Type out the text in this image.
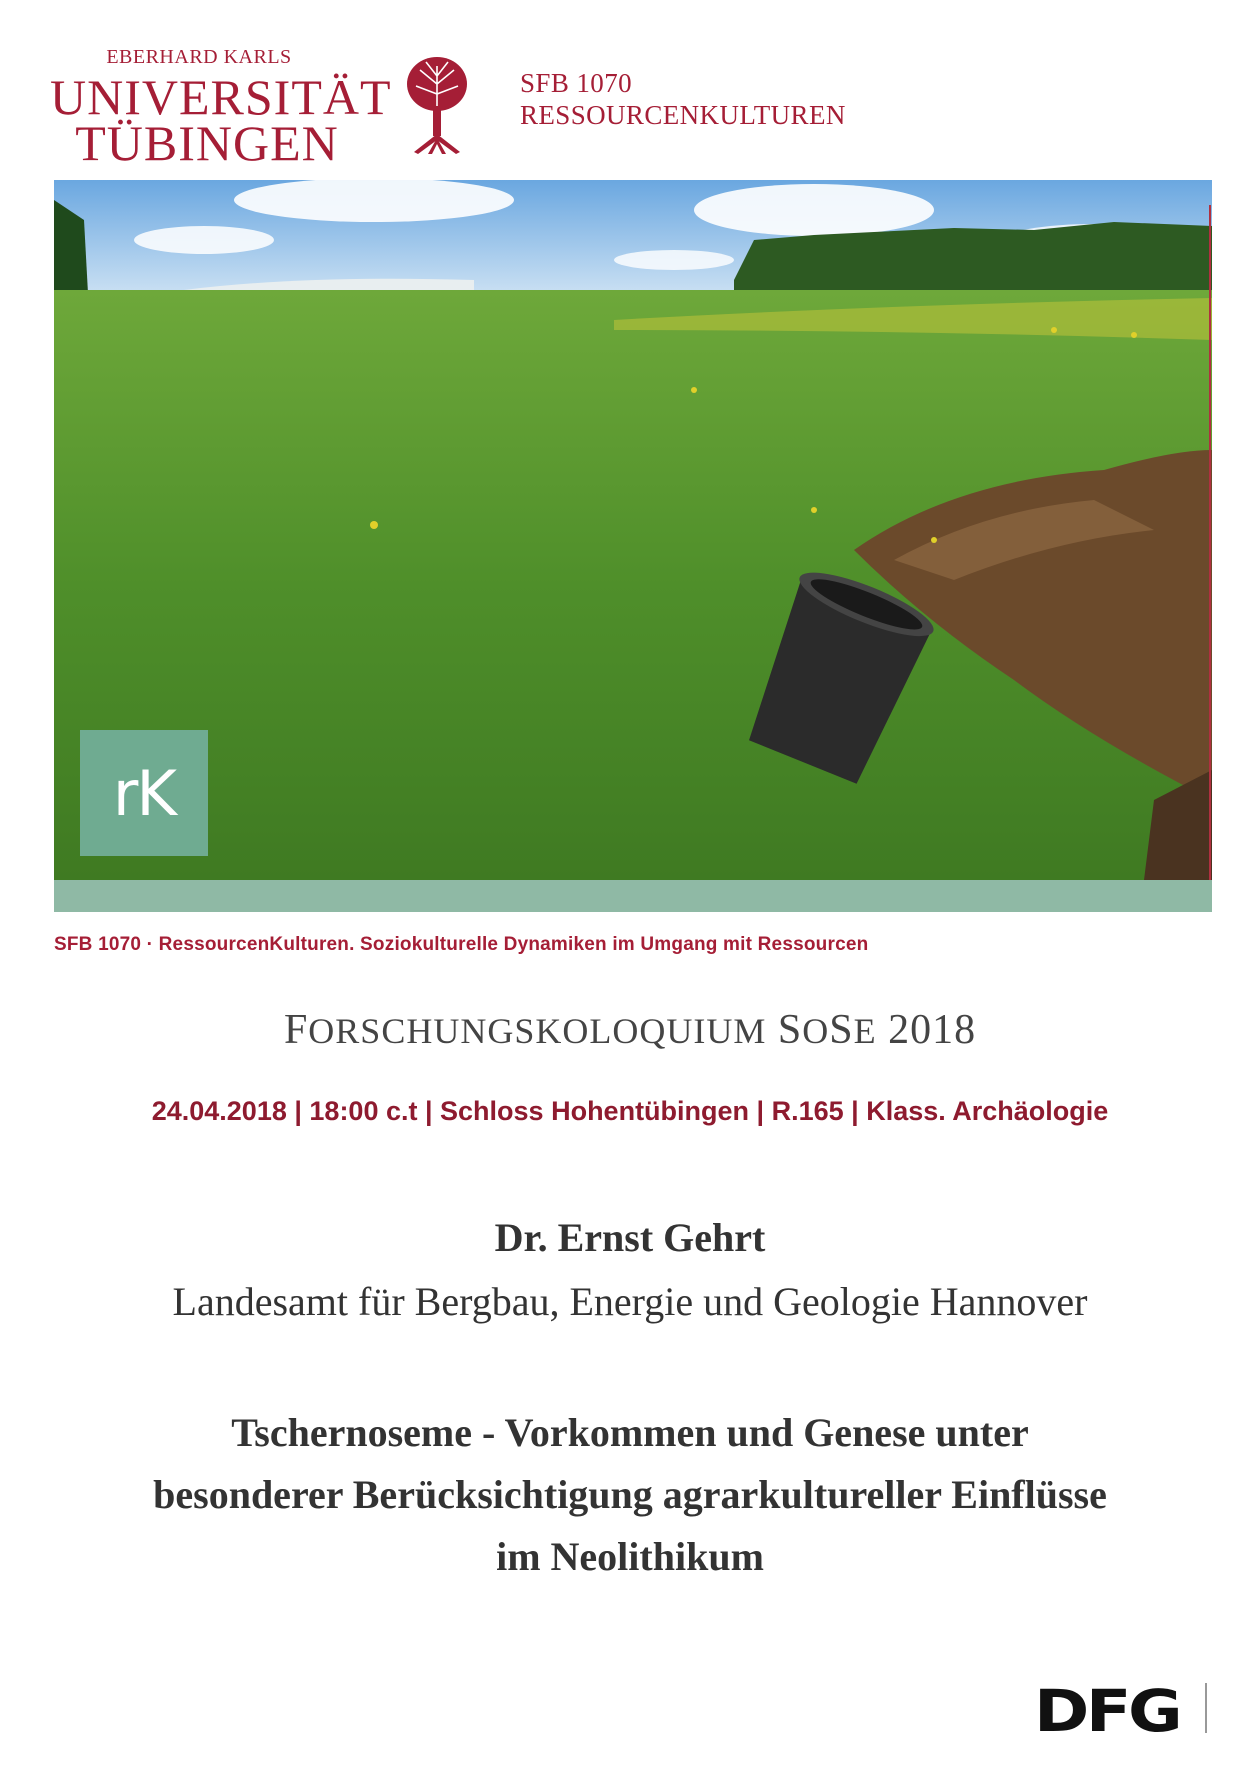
EBERHARD KARLS
UNIVERSITÄT
TÜBINGEN
SFB 1070
RESSOURCENKULTUREN
rK
SFB 1070 · RessourcenKulturen. Soziokulturelle Dynamiken im Umgang mit Ressourcen
FORSCHUNGSKOLOQUIUM SOSE 2018
24.04.2018 | 18:00 c.t | Schloss Hohentübingen | R.165 | Klass. Archäologie
Dr. Ernst Gehrt
Landesamt für Bergbau, Energie und Geologie Hannover
Tschernoseme - Vorkommen und Genese unter
besonderer Berücksichtigung agrarkultureller Einflüsse
im Neolithikum
DFG
